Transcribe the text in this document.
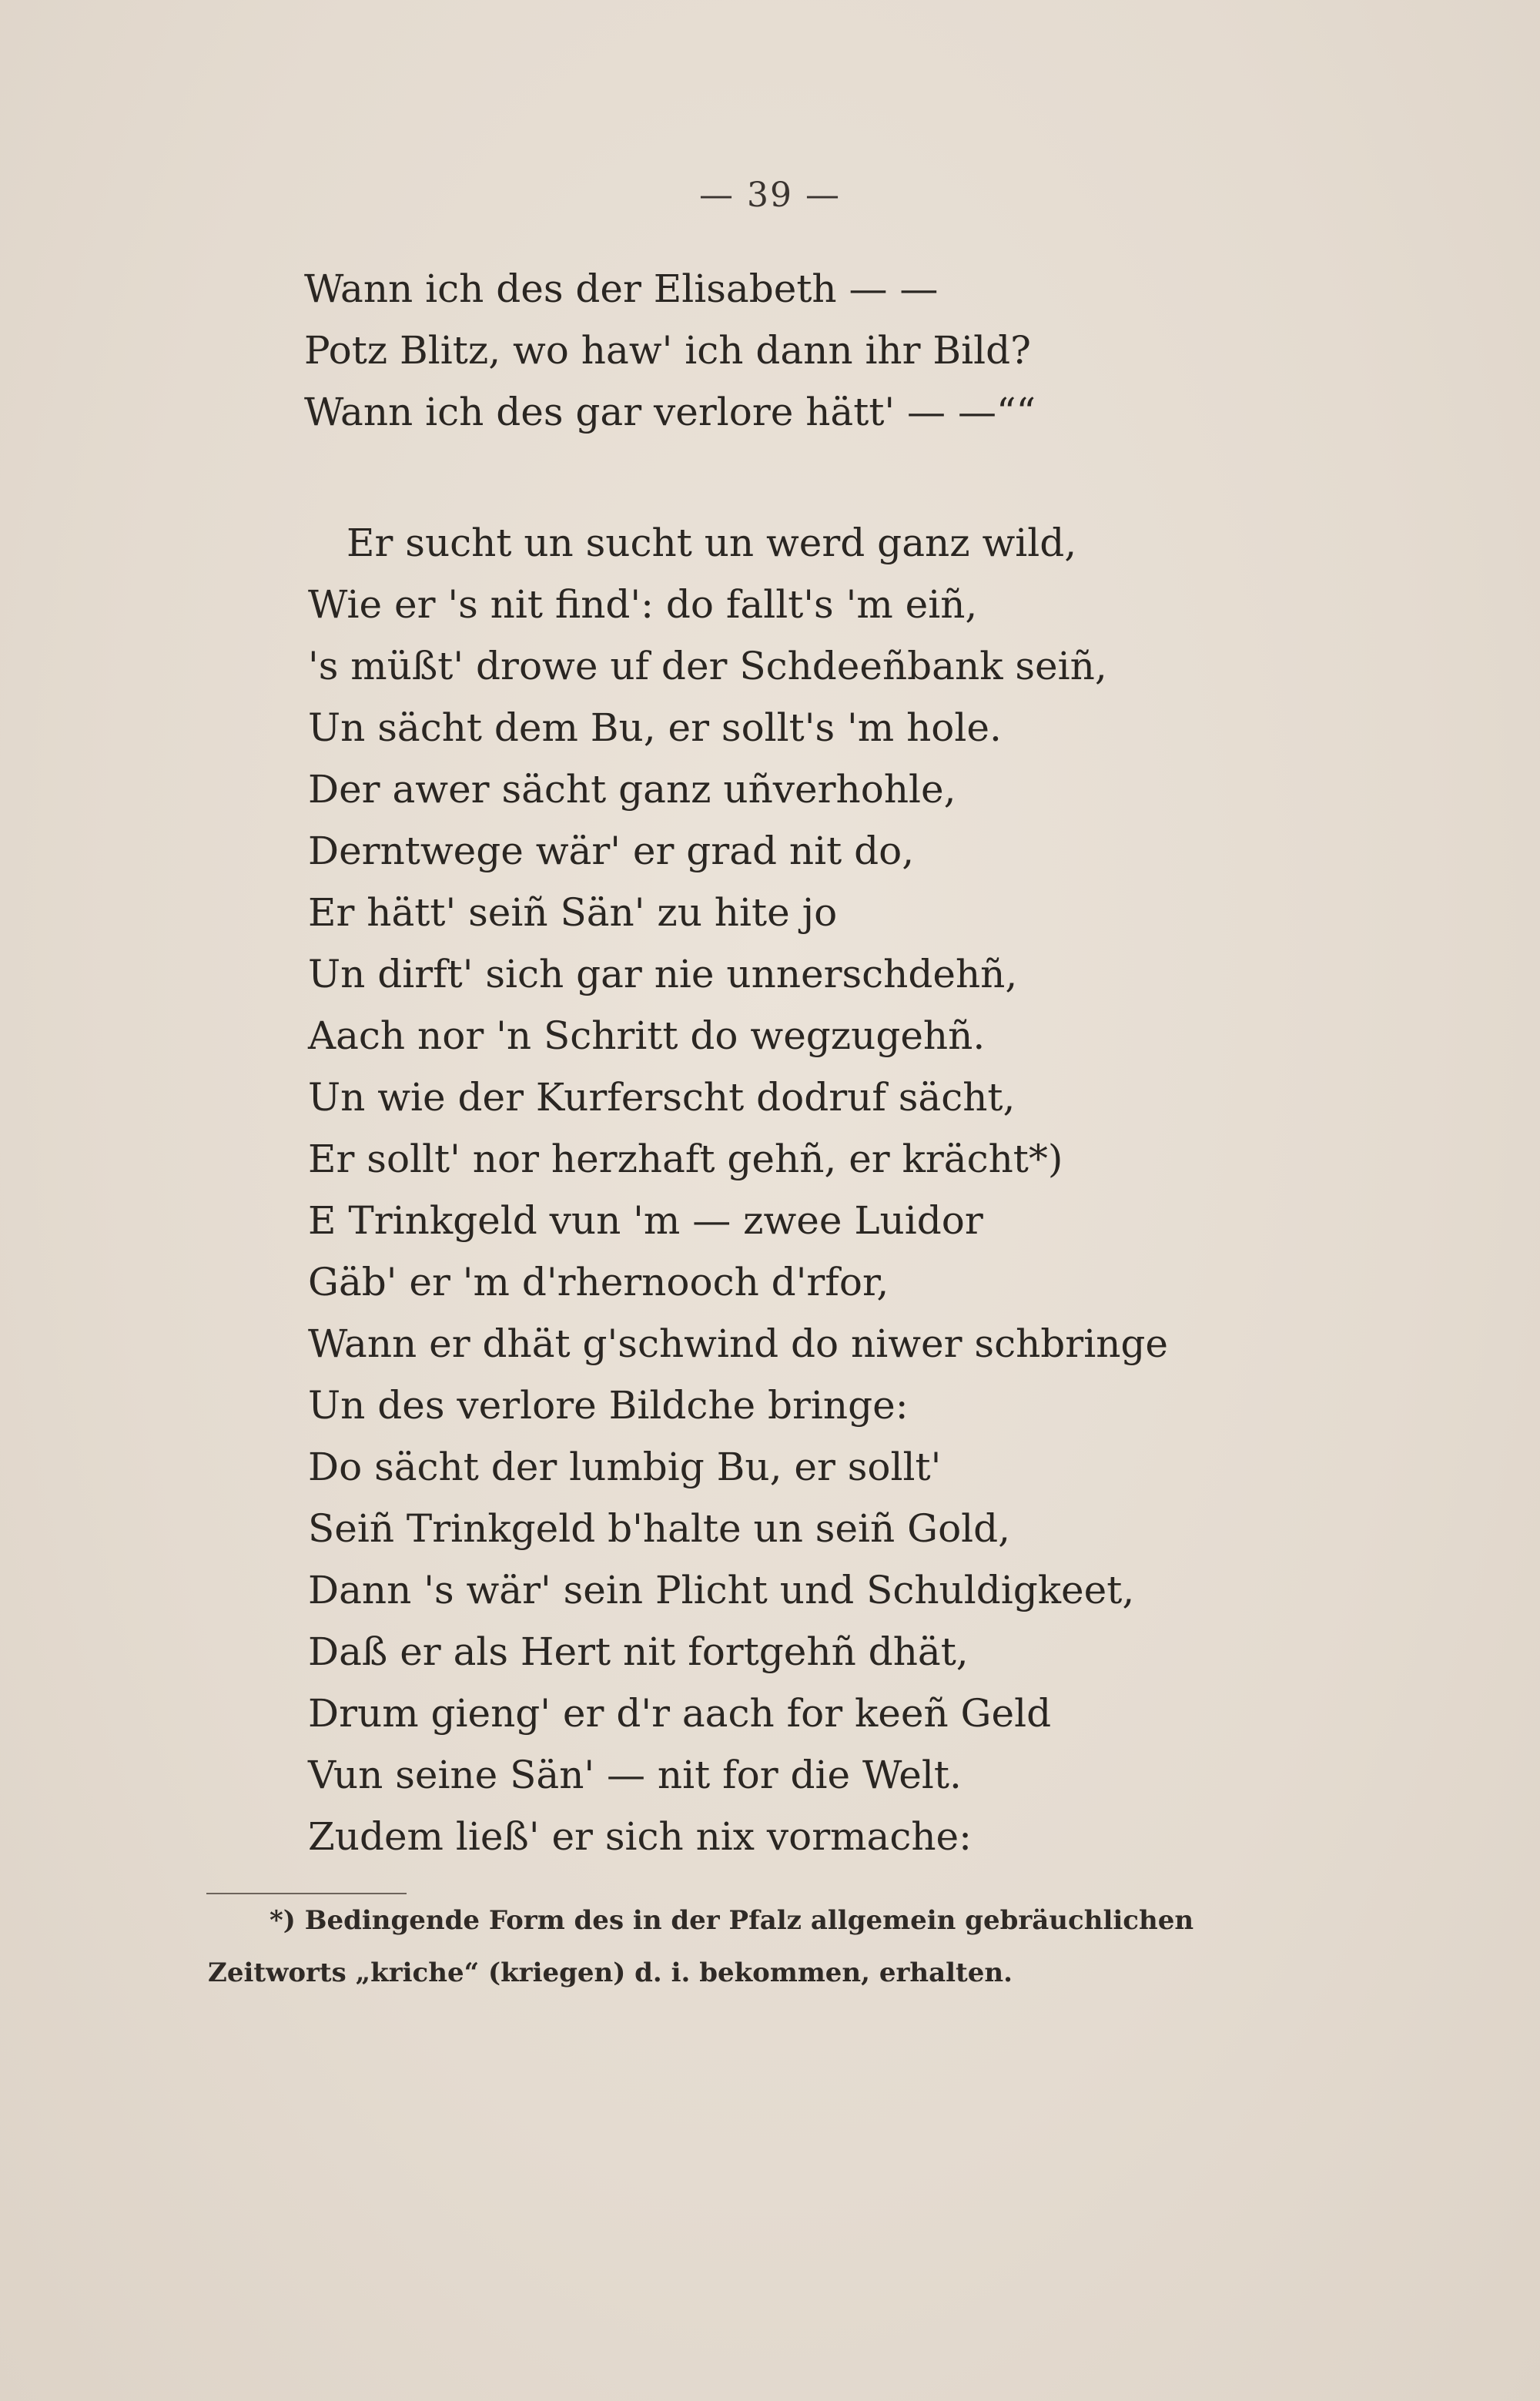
— 39 —
Wann ich des der Elisabeth — —
Potz Blitz, wo haw' ich dann ihr Bild?
Wann ich des gar verlore hätt' — —““
Er sucht un sucht un werd ganz wild,
Wie er 's nit find': do fallt's 'm eiñ,
's müßt' drowe uf der Schdeeñbank seiñ,
Un sächt dem Bu, er sollt's 'm hole.
Der awer sächt ganz uñverhohle,
Derntwege wär' er grad nit do,
Er hätt' seiñ Sän' zu hite jo
Un dirft' sich gar nie unnerschdehñ,
Aach nor 'n Schritt do wegzugehñ.
Un wie der Kurferscht dodruf sächt,
Er sollt' nor herzhaft gehñ, er krächt*)
E Trinkgeld vun 'm — zwee Luidor
Gäb' er 'm d'rhernooch d'rfor,
Wann er dhät g'schwind do niwer schbringe
Un des verlore Bildche bringe:
Do sächt der lumbig Bu, er sollt'
Seiñ Trinkgeld b'halte un seiñ Gold,
Dann 's wär' sein Plicht und Schuldigkeet,
Daß er als Hert nit fortgehñ dhät,
Drum gieng' er d'r aach for keeñ Geld
Vun seine Sän' — nit for die Welt.
Zudem ließ' er sich nix vormache:
*) Bedingende Form des in der Pfalz allgemein gebräuchlichen
Zeitworts „kriche“ (kriegen) d. i. bekommen, erhalten.
